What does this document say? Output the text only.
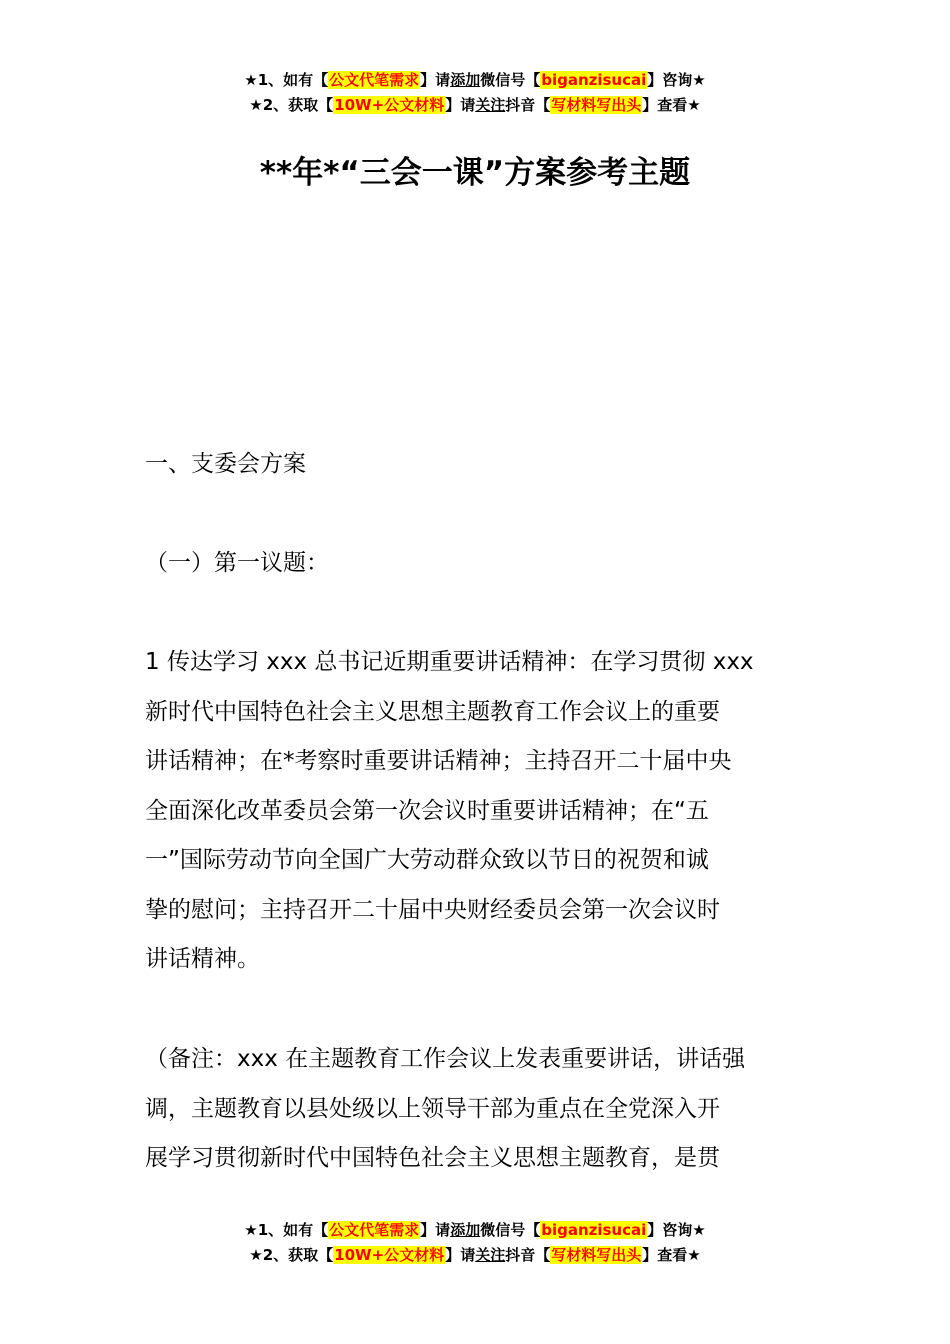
★1、如有【公文代笔需求】请添加微信号【biganzisucai】咨询★
★2、获取【10W+公文材料】请关注抖音【写材料写出头】查看★
**年*“三会一课”方案参考主题
一、支委会方案
（一）第一议题：
1 传达学习 xxx 总书记近期重要讲话精神：在学习贯彻 xxx
新时代中国特色社会主义思想主题教育工作会议上的重要
讲话精神；在*考察时重要讲话精神；主持召开二十届中央
全面深化改革委员会第一次会议时重要讲话精神；在“五
一”国际劳动节向全国广大劳动群众致以节日的祝贺和诚
挚的慰问；主持召开二十届中央财经委员会第一次会议时
讲话精神。
（备注：xxx 在主题教育工作会议上发表重要讲话，讲话强
调，主题教育以县处级以上领导干部为重点在全党深入开
展学习贯彻新时代中国特色社会主义思想主题教育，是贯
★1、如有【公文代笔需求】请添加微信号【biganzisucai】咨询★
★2、获取【10W+公文材料】请关注抖音【写材料写出头】查看★
